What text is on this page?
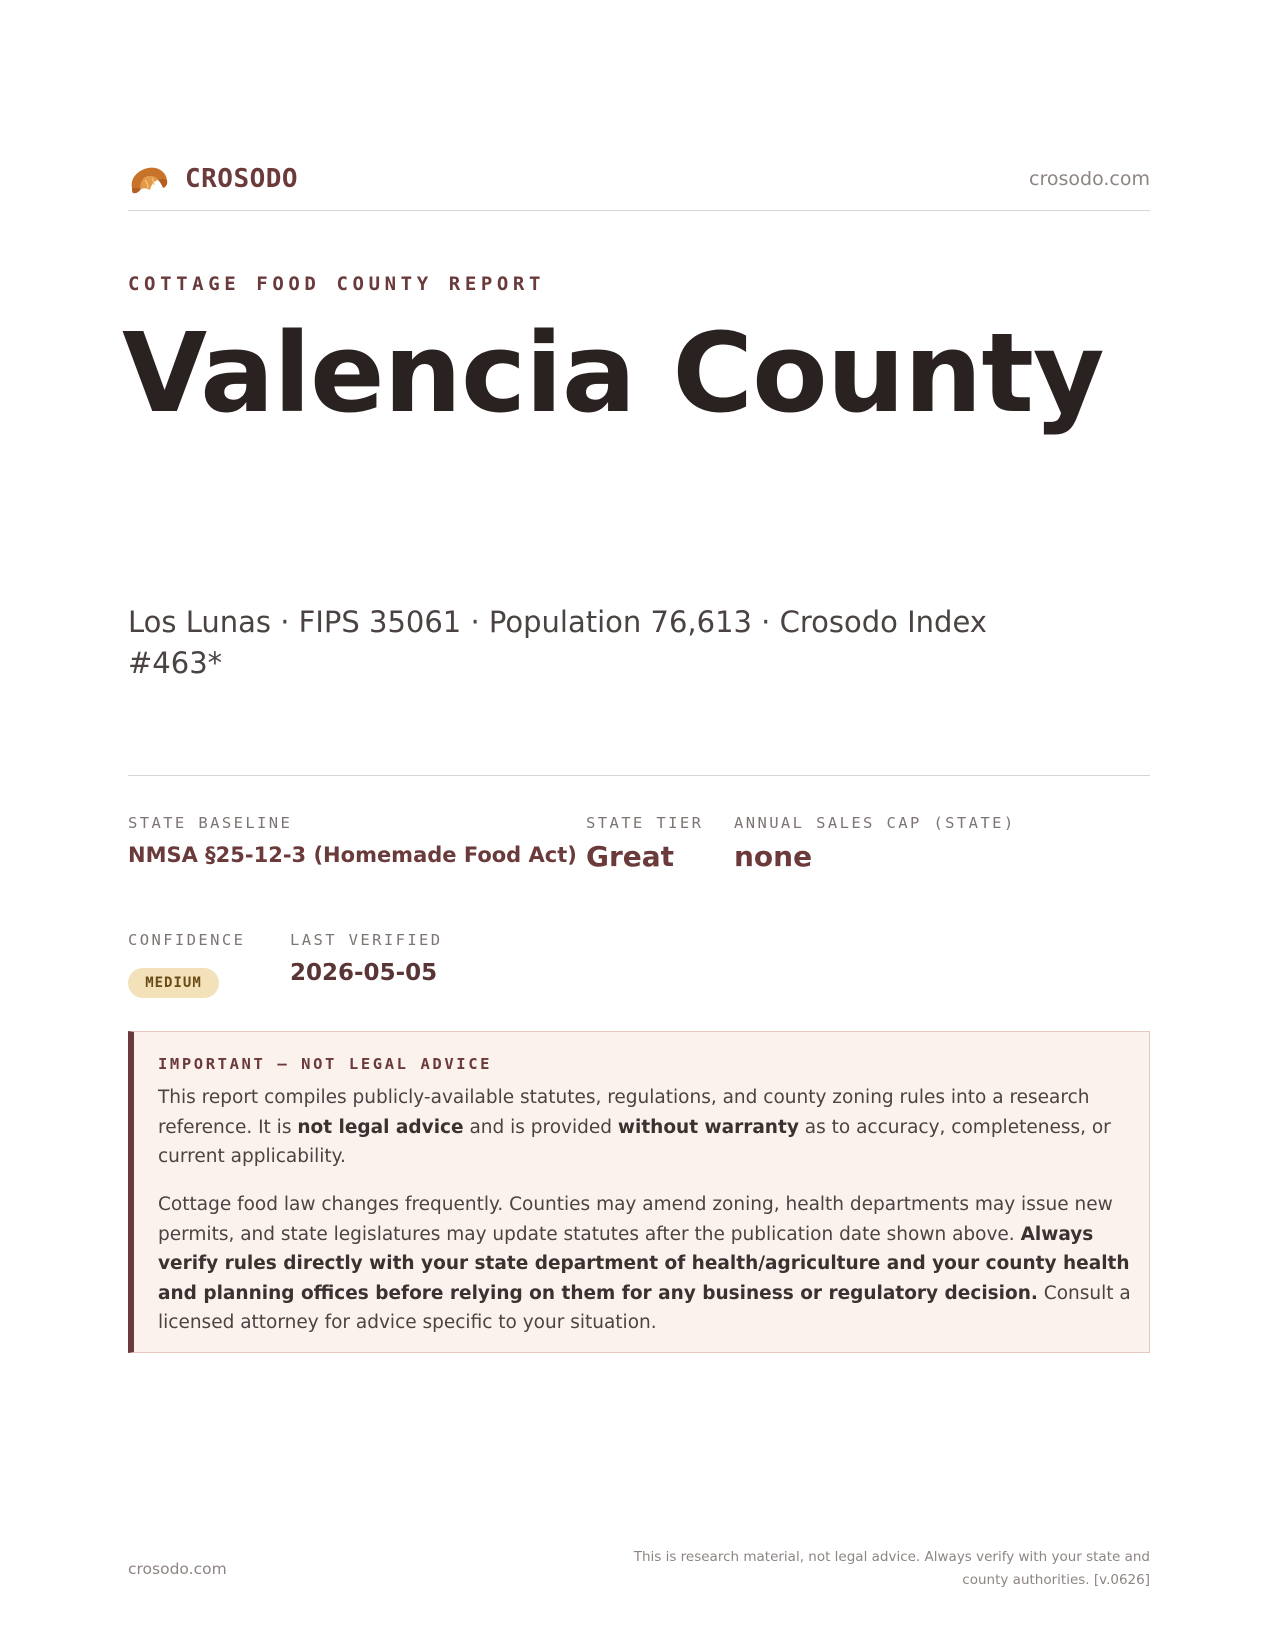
CROSODO	crosodo.com
COTTAGE FOOD COUNTY REPORT
Valencia County
Los Lunas · FIPS 35061 · Population 76,613 · Crosodo Index #463*
STATE BASELINE
NMSA §25-12-3 (Homemade Food Act)
STATE TIER
Great
ANNUAL SALES CAP (STATE)
none
CONFIDENCE
MEDIUM
LAST VERIFIED
2026-05-05
IMPORTANT — NOT LEGAL ADVICE
This report compiles publicly-available statutes, regulations, and county zoning rules into a research reference. It is not legal advice and is provided without warranty as to accuracy, completeness, or current applicability.
Cottage food law changes frequently. Counties may amend zoning, health departments may issue new permits, and state legislatures may update statutes after the publication date shown above. Always verify rules directly with your state department of health/agriculture and your county health and planning offices before relying on them for any business or regulatory decision. Consult a licensed attorney for advice specific to your situation.
crosodo.com
This is research material, not legal advice. Always verify with your state and county authorities. [v.0626]
